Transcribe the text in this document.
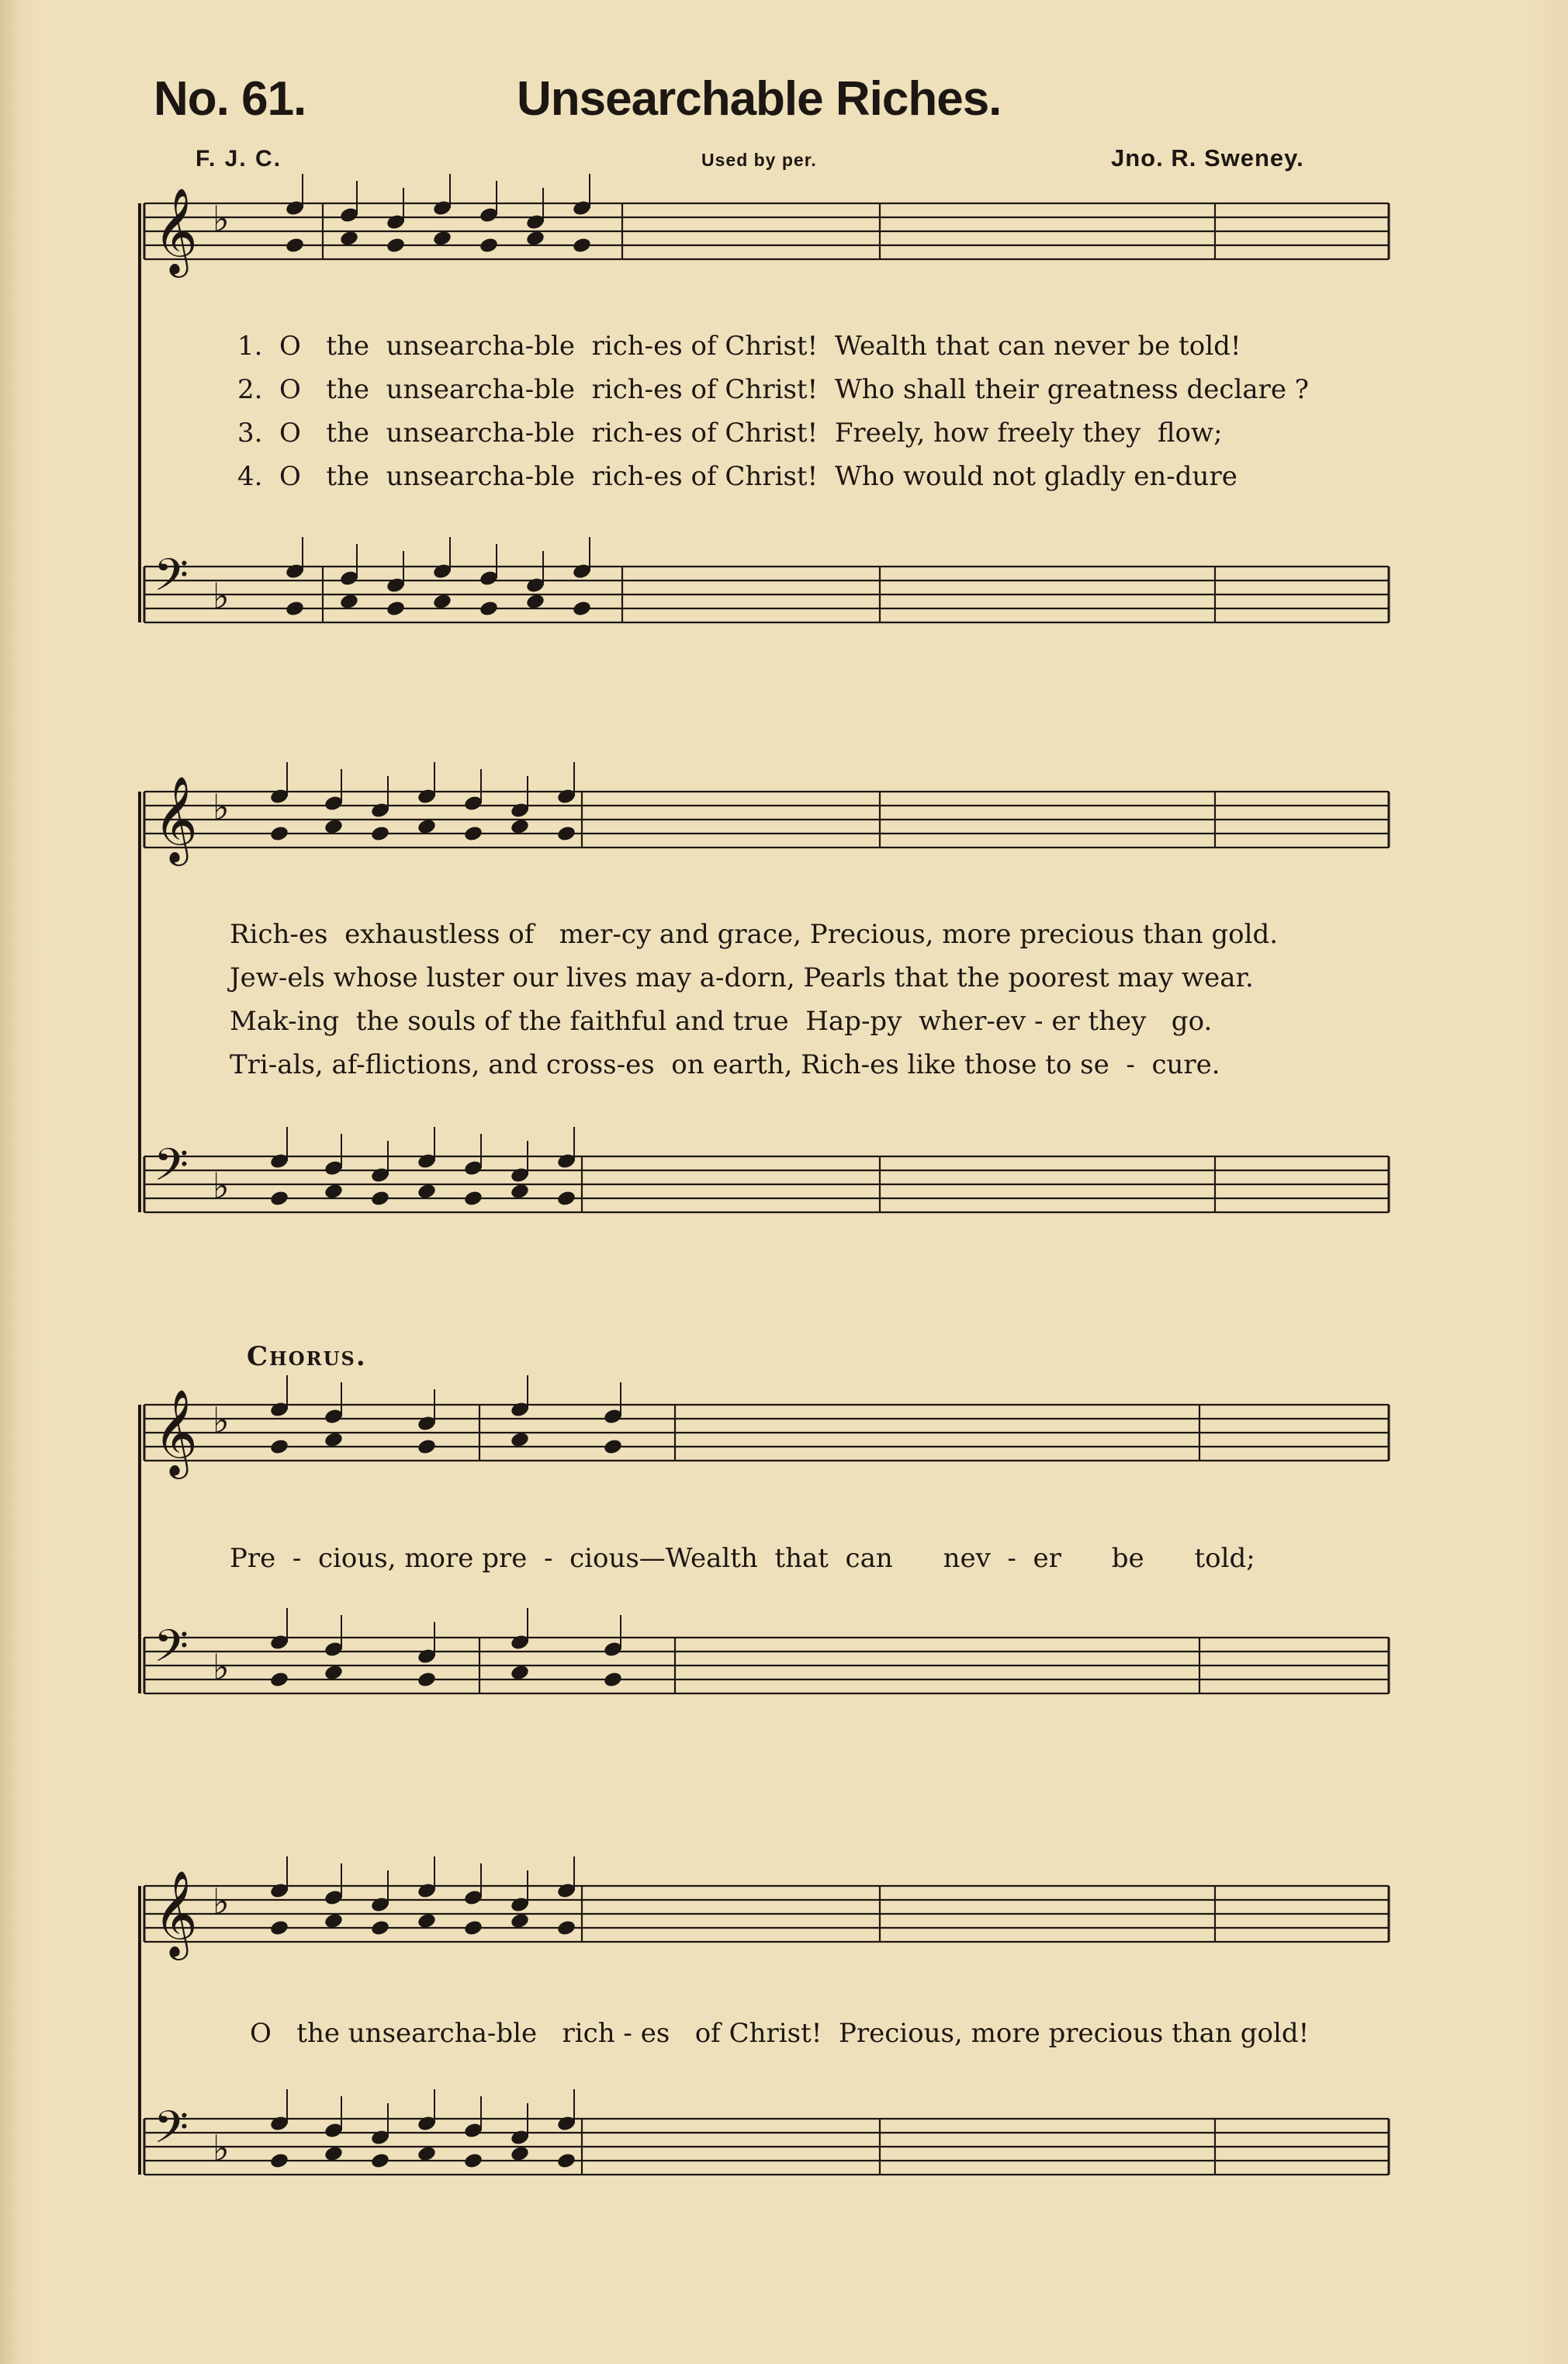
No. 61.	Unsearchable Riches.
F. J. C.	Used by per.	Jno. R. Sweney.
𝄞 ♭
𝄢 ♭
𝄞 ♭
𝄢 ♭
𝄞 ♭
𝄢 ♭
𝄞 ♭
𝄢 ♭
1.  O   the  unsearcha-ble  rich-es of Christ!  Wealth that can never be told!
2.  O   the  unsearcha-ble  rich-es of Christ!  Who shall their greatness declare ?
3.  O   the  unsearcha-ble  rich-es of Christ!  Freely, how freely they  flow;
4.  O   the  unsearcha-ble  rich-es of Christ!  Who would not gladly en-dure
Rich-es  exhaustless of   mer-cy and grace, Precious, more precious than gold.
Jew-els whose luster our lives may a-dorn, Pearls that the poorest may wear.
Mak-ing  the souls of the faithful and true  Hap-py  wher-ev - er they   go.
Tri-als, af-flictions, and cross-es  on earth, Rich-es like those to se  -  cure.
Chorus.
Pre  -  cious, more pre  -  cious—Wealth  that  can      nev  -  er      be      told;
O   the unsearcha-ble   rich - es   of Christ!  Precious, more precious than gold!
